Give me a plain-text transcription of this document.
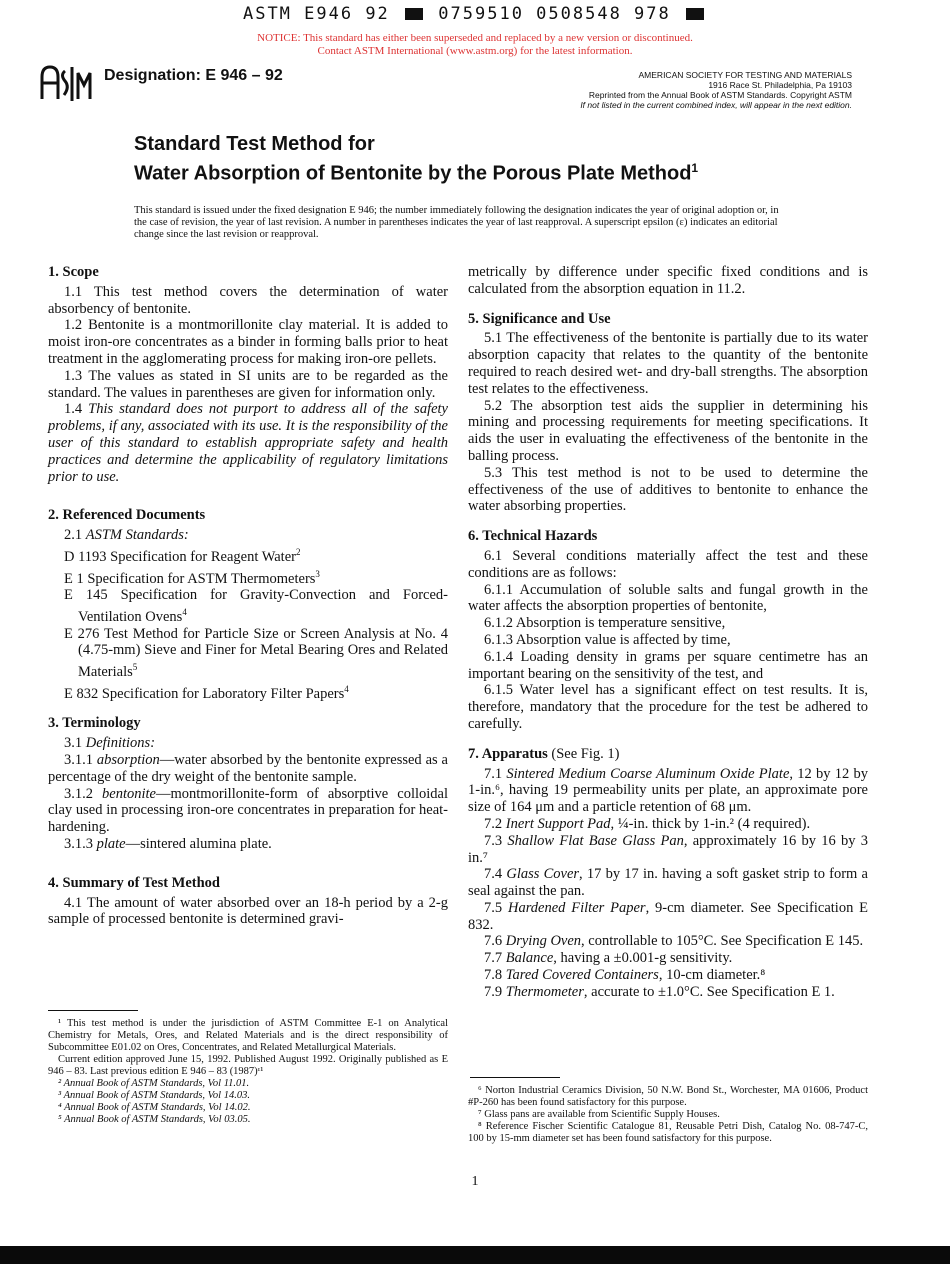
ASTM E946 92	0759510 0508548 978
NOTICE: This standard has either been superseded and replaced by a new version or discontinued.
Contact ASTM International (www.astm.org) for the latest information.
Designation: E 946 – 92	AMERICAN SOCIETY FOR TESTING AND MATERIALS
1916 Race St. Philadelphia, Pa 19103
Reprinted from the Annual Book of ASTM Standards. Copyright ASTM
If not listed in the current combined index, will appear in the next edition.
Standard Test Method for
Water Absorption of Bentonite by the Porous Plate Method$^1$
This standard is issued under the fixed designation E 946; the number immediately following the designation indicates the year of original adoption or, in the case of revision, the year of last revision. A number in parentheses indicates the year of last reapproval. A superscript epsilon (ε) indicates an editorial change since the last revision or reapproval.
1. Scope

1.1 This test method covers the determination of water absorbency of bentonite.

1.2 Bentonite is a montmorillonite clay material. It is added to moist iron-ore concentrates as a binder in forming balls prior to heat treatment in the agglomerating process for making iron-ore pellets.

1.3 The values as stated in SI units are to be regarded as the standard. The values in parentheses are given for information only.

1.4 This standard does not purport to address all of the safety problems, if any, associated with its use. It is the responsibility of the user of this standard to establish appropriate safety and health practices and determine the applicability of regulatory limitations prior to use.

2. Referenced Documents

2.1 ASTM Standards:

D 1193 Specification for Reagent Water$^2$

E 1 Specification for ASTM Thermometers$^3$

E 145 Specification for Gravity-Convection and Forced-Ventilation Ovens$^4$

E 276 Test Method for Particle Size or Screen Analysis at No. 4 (4.75-mm) Sieve and Finer for Metal Bearing Ores and Related Materials$^5$

E 832 Specification for Laboratory Filter Papers$^4$

3. Terminology

3.1 Definitions:

3.1.1 absorption—water absorbed by the bentonite expressed as a percentage of the dry weight of the bentonite sample.

3.1.2 bentonite—montmorillonite-form of absorptive colloidal clay used in processing iron-ore concentrates in preparation for heat-hardening.

3.1.3 plate—sintered alumina plate.

4. Summary of Test Method

4.1 The amount of water absorbed over an 18-h period by a 2-g sample of processed bentonite is determined gravi-

¹ This test method is under the jurisdiction of ASTM Committee E-1 on Analytical Chemistry for Metals, Ores, and Related Materials and is the direct responsibility of Subcommittee E01.02 on Ores, Concentrates, and Related Metallurgical Materials.

Current edition approved June 15, 1992. Published August 1992. Originally published as E 946 – 83. Last previous edition E 946 – 83 (1987)ᵋ¹

² Annual Book of ASTM Standards, Vol 11.01.

³ Annual Book of ASTM Standards, Vol 14.03.

⁴ Annual Book of ASTM Standards, Vol 14.02.

⁵ Annual Book of ASTM Standards, Vol 03.05.

metrically by difference under specific fixed conditions and is calculated from the absorption equation in 11.2.

5. Significance and Use

5.1 The effectiveness of the bentonite is partially due to its water absorption capacity that relates to the quantity of the bentonite required to reach desired wet- and dry-ball strengths. The absorption test relates to the effectiveness.

5.2 The absorption test aids the supplier in determining his mining and processing requirements for meeting specifications. It aids the user in evaluating the effectiveness of the bentonite in the balling process.

5.3 This test method is not to be used to determine the effectiveness of the use of additives to bentonite to enhance the water absorbing properties.

6. Technical Hazards

6.1 Several conditions materially affect the test and these conditions are as follows:

6.1.1 Accumulation of soluble salts and fungal growth in the water affects the absorption properties of bentonite,

6.1.2 Absorption is temperature sensitive,

6.1.3 Absorption value is affected by time,

6.1.4 Loading density in grams per square centimetre has an important bearing on the sensitivity of the test, and

6.1.5 Water level has a significant effect on test results. It is, therefore, mandatory that the procedure for the test be adhered to carefully.

7. Apparatus (See Fig. 1)

7.1 Sintered Medium Coarse Aluminum Oxide Plate, 12 by 12 by 1-in.⁶, having 19 permeability units per plate, an approximate pore size of 164 μm and a particle retention of 68 μm.

7.2 Inert Support Pad, ¼-in. thick by 1-in.² (4 required).

7.3 Shallow Flat Base Glass Pan, approximately 16 by 16 by 3 in.⁷

7.4 Glass Cover, 17 by 17 in. having a soft gasket strip to form a seal against the pan.

7.5 Hardened Filter Paper, 9-cm diameter. See Specification E 832.

7.6 Drying Oven, controllable to 105°C. See Specification E 145.

7.7 Balance, having a ±0.001-g sensitivity.

7.8 Tared Covered Containers, 10-cm diameter.⁸

7.9 Thermometer, accurate to ±1.0°C. See Specification E 1.

⁶ Norton Industrial Ceramics Division, 50 N.W. Bond St., Worchester, MA 01606, Product #P-260 has been found satisfactory for this purpose.

⁷ Glass pans are available from Scientific Supply Houses.

⁸ Reference Fischer Scientific Catalogue 81, Reusable Petri Dish, Catalog No. 08-747-C, 100 by 15-mm diameter set has been found satisfactory for this purpose.

1
